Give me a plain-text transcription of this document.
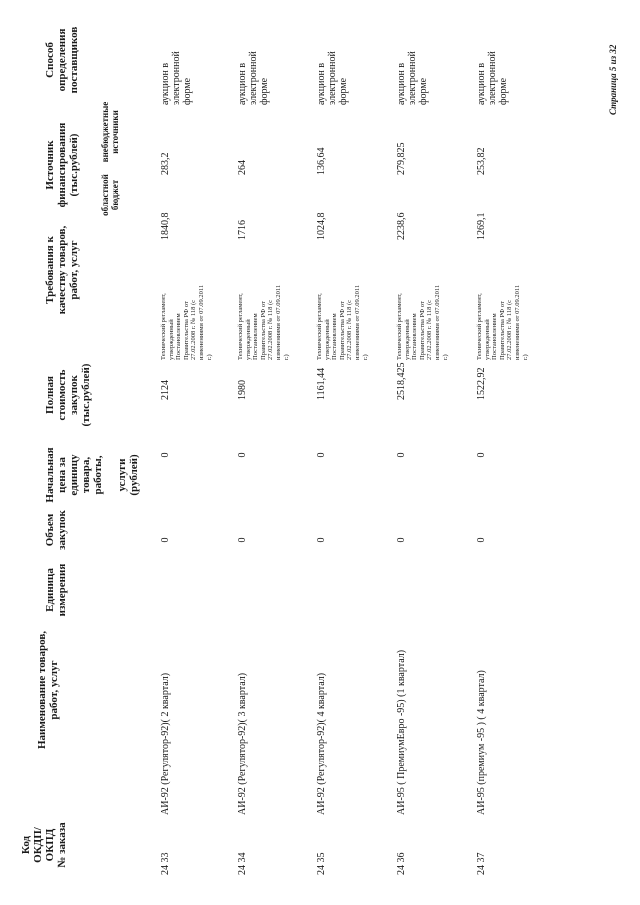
Код
ОКДП/
ОКПД
№ заказа
Наименование товаров,
работ, услуг
Единица
измерения
Объем
закупок
Начальная
цена за
единицу
товара,
работы,

услуги
(рублей)
Полная
стоимость
закупок
(тыс.рублей)
Требования к
качеству товаров,
работ, услуг
Источник
финансирования
(тыс.рублей) областной
бюджет
внебюджетные
источники
Способ
определения
поставщиков
24 33
АИ-92 (Регулятор-92)( 2 квартал)
0
0
2124
Технический регламент,
утвержденный
Постановлением
Правительства РФ от
27.02.2008 г. № 118 (с
изменениями от 07.09.2011
г.)
1840,8
283,2
аукцион в
электронной
форме
24 34
АИ-92 (Регулятор-92)( 3 квартал)
0
0
1980
Технический регламент,
утвержденный
Постановлением
Правительства РФ от
27.02.2008 г. № 118 (с
изменениями от 07.09.2011
г.)
1716
264
аукцион в
электронной
форме
24 35
АИ-92 (Регулятор-92)( 4 квартал)
0
0
1161,44
Технический регламент,
утвержденный
Постановлением
Правительства РФ от
27.02.2008 г. № 118 (с
изменениями от 07.09.2011
г.)
1024,8
136,64
аукцион в
электронной
форме
24 36
АИ-95 ( ПремиумЕвро -95) (1 квартал)
0
0
2518,425
Технический регламент,
утвержденный
Постановлением
Правительства РФ от
27.02.2008 г. № 118 (с
изменениями от 07.09.2011
г.)
2238,6
279,825
аукцион в
электронной
форме
24 37
АИ-95 (премиум -95 ) ( 4 квартал)
0
0
1522,92
Технический регламент,
утвержденный
Постановлением
Правительства РФ от
27.02.2008 г. № 118 (с
изменениями от 07.09.2011
г.)
1269,1
253,82
аукцион в
электронной
форме	Страница 5 из 32
